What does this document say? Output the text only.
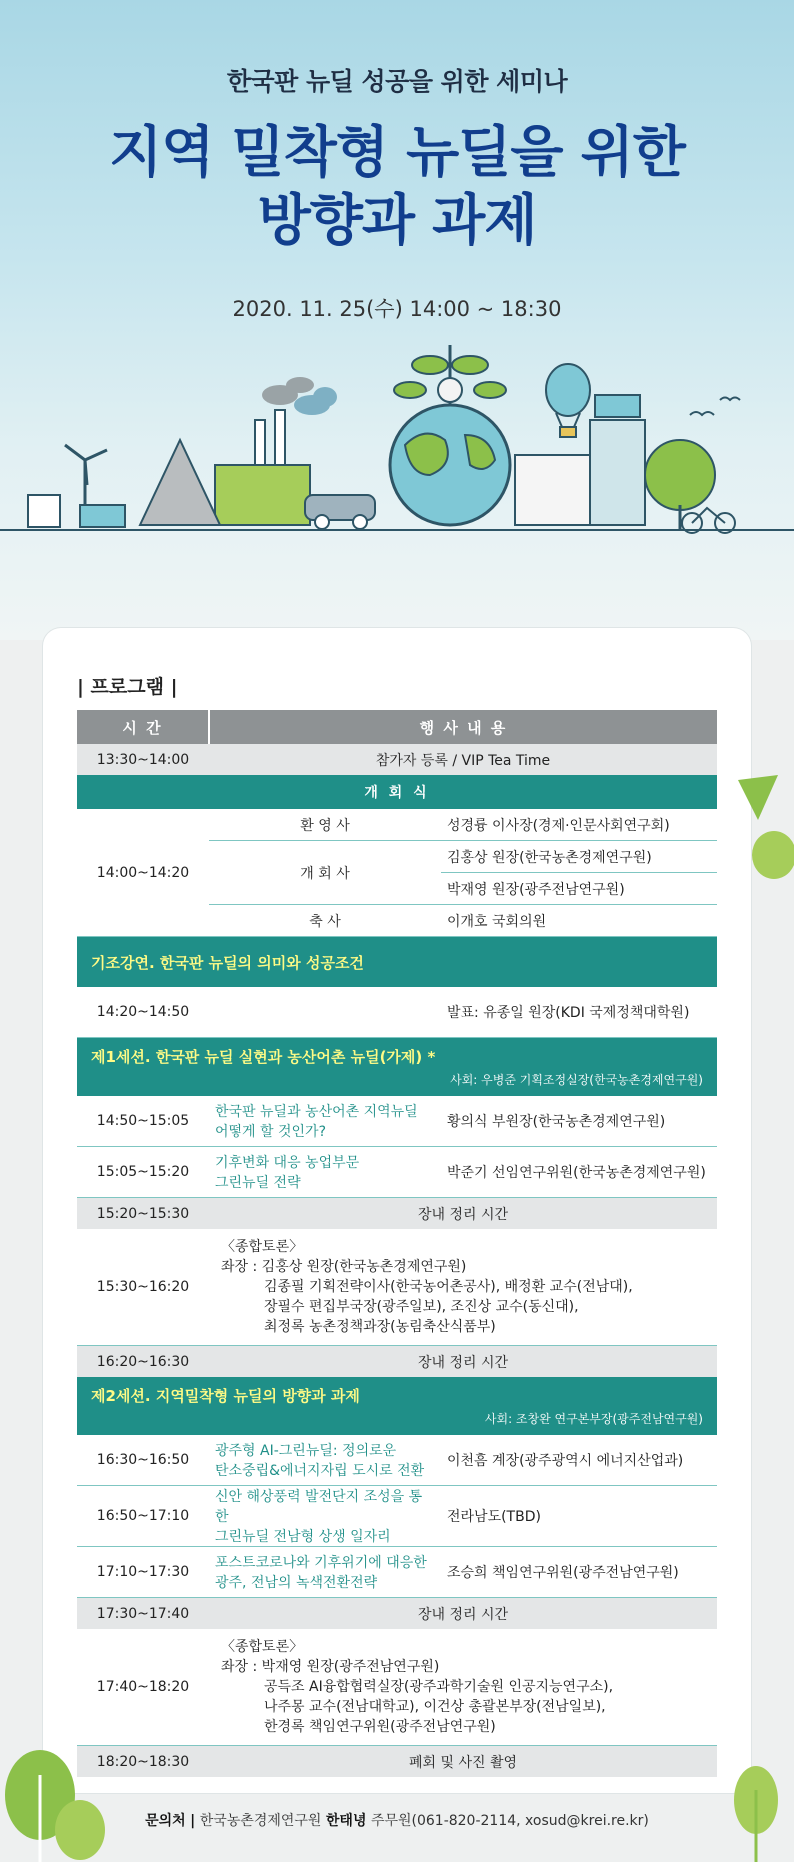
한국판 뉴딜 성공을 위한 세미나
지역 밀착형 뉴딜을 위한
방향과 과제
2020. 11. 25(수) 14:00 ~ 18:30
| 프로그램 |
시 간	행 사 내 용	
13:30~14:00	참가자 등록 / VIP Tea Time	
개 회 식		
14:00~14:20	환 영 사	성경륭 이사장(경제·인문사회연구회)
	개 회 사	김홍상 원장(한국농촌경제연구원)
		박재영 원장(광주전남연구원)
	축 사	이개호 국회의원
기조강연. 한국판 뉴딜의 의미와 성공조건		
14:20~14:50		발표: 유종일 원장(KDI 국제정책대학원)
제1세션. 한국판 뉴딜 실현과 농산어촌 뉴딜(가제) *
사회: 우병준 기획조정실장(한국농촌경제연구원)		

14:50~15:05	한국판 뉴딜과 농산어촌 지역뉴딜
어떻게 할 것인가?	황의식 부원장(한국농촌경제연구원)
15:05~15:20	기후변화 대응 농업부문
그린뉴딜 전략	박준기 선임연구위원(한국농촌경제연구원)
15:20~15:30	장내 정리 시간	
15:30~16:20	〈종합토론〉
좌장 : 김홍상 원장(한국농촌경제연구원)
김종필 기획전략이사(한국농어촌공사), 배정환 교수(전남대),
장필수 편집부국장(광주일보), 조진상 교수(동신대),
최정록 농촌정책과장(농림축산식품부)	

16:20~16:30	장내 정리 시간	
제2세션. 지역밀착형 뉴딜의 방향과 과제
사회: 조창완 연구본부장(광주전남연구원)		

16:30~16:50	광주형 AI-그린뉴딜: 정의로운
탄소중립&에너지자립 도시로 전환	이천흠 계장(광주광역시 에너지산업과)
16:50~17:10	신안 해상풍력 발전단지 조성을 통한
그린뉴딜 전남형 상생 일자리	전라남도(TBD)
17:10~17:30	포스트코로나와 기후위기에 대응한
광주, 전남의 녹색전환전략	조승희 책임연구위원(광주전남연구원)
17:30~17:40	장내 정리 시간	
17:40~18:20	〈종합토론〉
좌장 : 박재영 원장(광주전남연구원)
공득조 AI융합협력실장(광주과학기술원 인공지능연구소),
나주몽 교수(전남대학교), 이건상 총괄본부장(전남일보),
한경록 책임연구위원(광주전남연구원)	

18:20~18:30	폐회 및 사진 촬영	
문의처 | 한국농촌경제연구원 한태녕 주무원(061-820-2114, xosud@krei.re.kr)
